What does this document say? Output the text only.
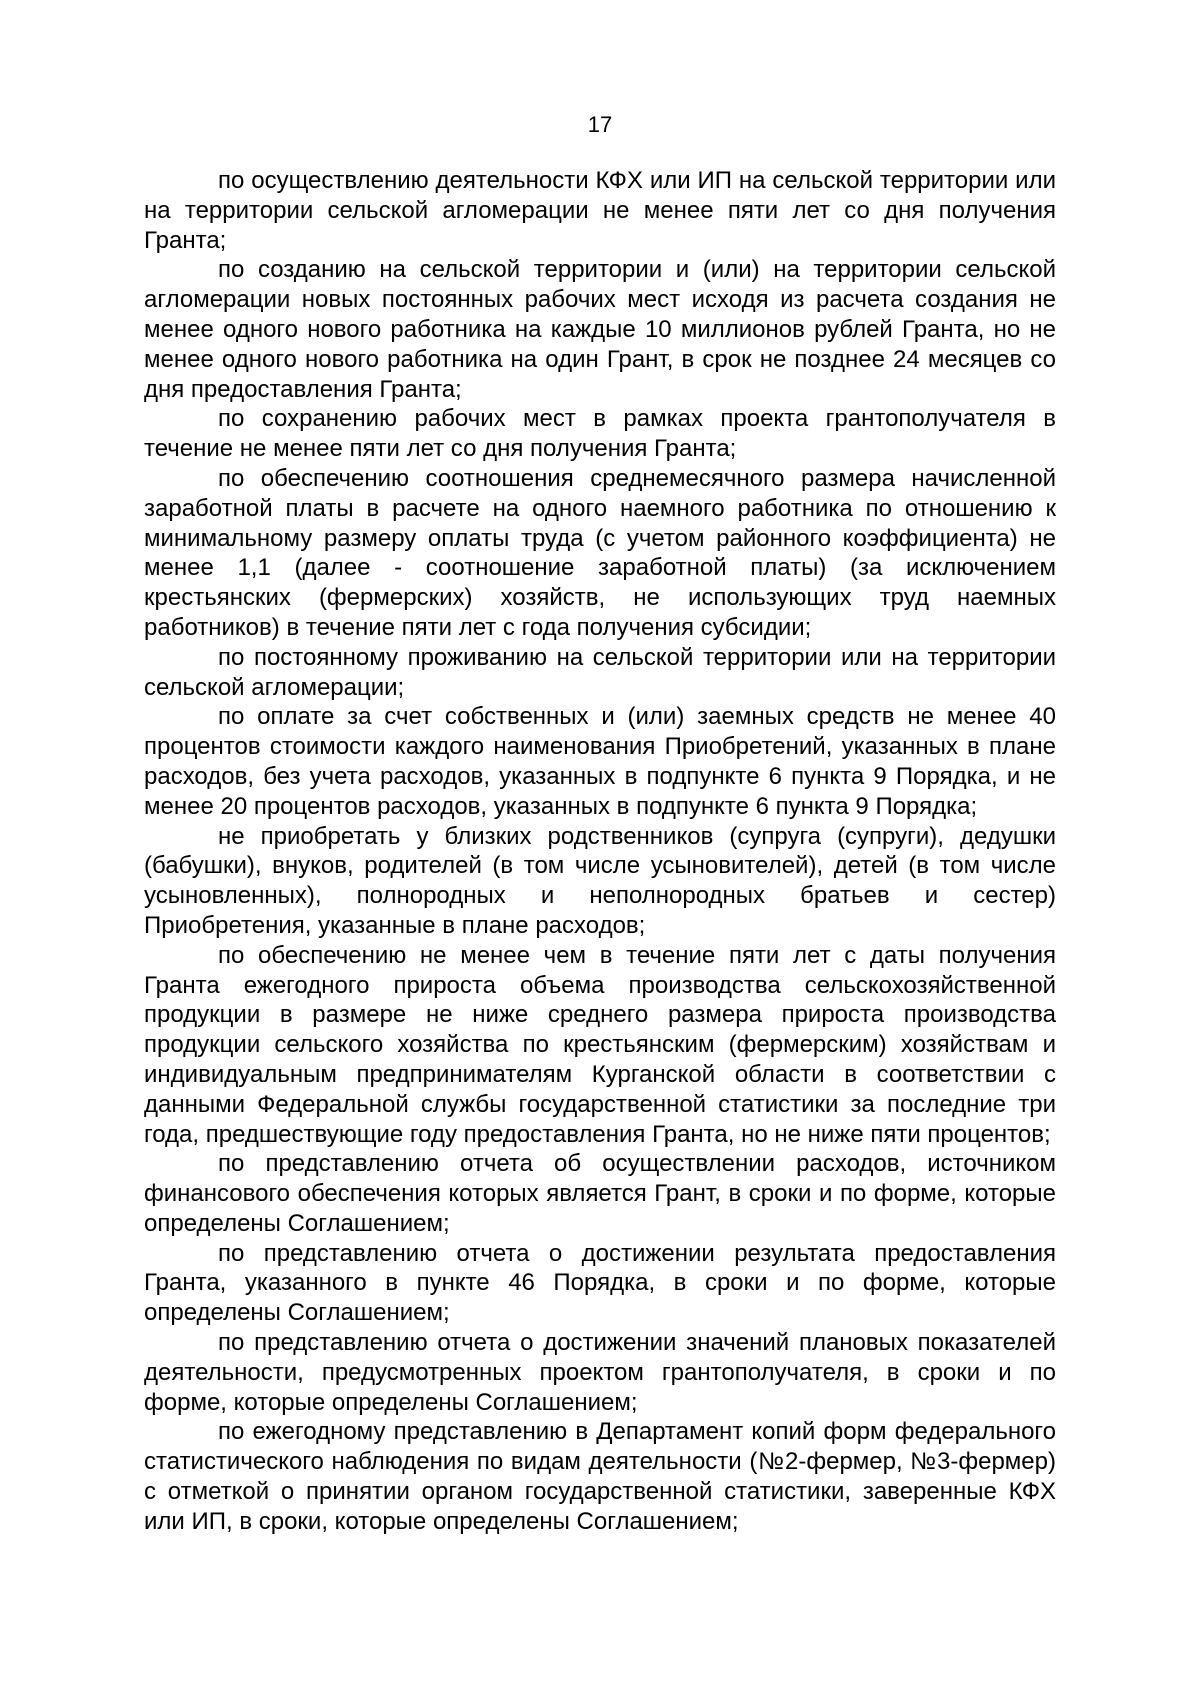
17

по осуществлению деятельности КФХ или ИП на сельской территории или на территории сельской агломерации не менее пяти лет со дня получения Гранта;

по созданию на сельской территории и (или) на территории сельской агломерации новых постоянных рабочих мест исходя из расчета создания не менее одного нового работника на каждые 10 миллионов рублей Гранта, но не менее одного нового работника на один Грант, в срок не позднее 24 месяцев со дня предоставления Гранта;

по сохранению рабочих мест в рамках проекта грантополучателя в течение не менее пяти лет со дня получения Гранта;

по обеспечению соотношения среднемесячного размера начисленной заработной платы в расчете на одного наемного работника по отношению к минимальному размеру оплаты труда (с учетом районного коэффициента) не менее 1,1 (далее - соотношение заработной платы) (за исключением крестьянских (фермерских) хозяйств, не использующих труд наемных работников) в течение пяти лет с года получения субсидии;

по постоянному проживанию на сельской территории или на территории сельской агломерации;

по оплате за счет собственных и (или) заемных средств не менее 40 процентов стоимости каждого наименования Приобретений, указанных в плане расходов, без учета расходов, указанных в подпункте 6 пункта 9 Порядка, и не менее 20 процентов расходов, указанных в подпункте 6 пункта 9 Порядка;

не приобретать у близких родственников (супруга (супруги), дедушки (бабушки), внуков, родителей (в том числе усыновителей), детей (в том числе усыновленных), полнородных и неполнородных братьев и сестер) Приобретения, указанные в плане расходов;

по обеспечению не менее чем в течение пяти лет с даты получения Гранта ежегодного прироста объема производства сельскохозяйственной продукции в размере не ниже среднего размера прироста производства продукции сельского хозяйства по крестьянским (фермерским) хозяйствам и индивидуальным предпринимателям Курганской области в соответствии с данными Федеральной службы государственной статистики за последние три года, предшествующие году предоставления Гранта, но не ниже пяти процентов;

по представлению отчета об осуществлении расходов, источником финансового обеспечения которых является Грант, в сроки и по форме, которые определены Соглашением;

по представлению отчета о достижении результата предоставления Гранта, указанного в пункте 46 Порядка, в сроки и по форме, которые определены Соглашением;

по представлению отчета о достижении значений плановых показателей деятельности, предусмотренных проектом грантополучателя, в сроки и по форме, которые определены Соглашением;

по ежегодному представлению в Департамент копий форм федерального статистического наблюдения по видам деятельности (№2-фермер, №3-фермер) с отметкой о принятии органом государственной статистики, заверенные КФХ или ИП, в сроки, которые определены Соглашением;
